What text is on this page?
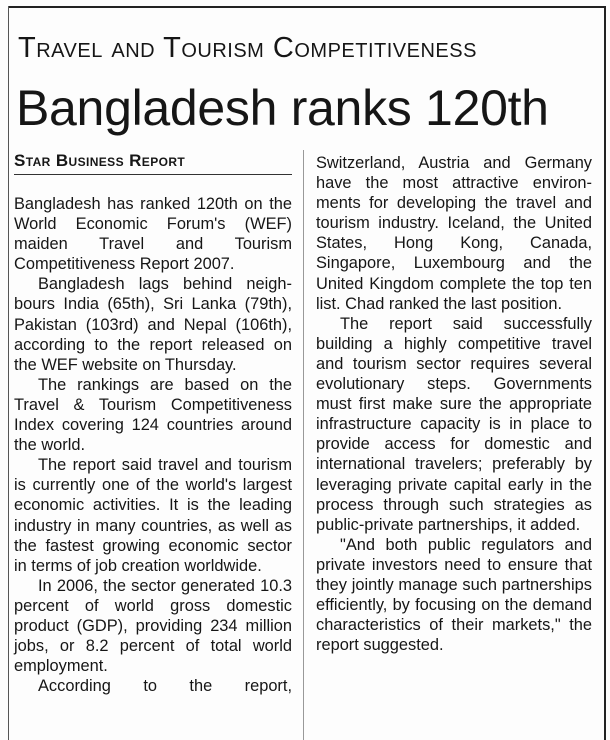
Travel and Tourism Competitiveness
Bangladesh ranks 120th
Star Business Report

Bangladesh has ranked 120th on the World Economic Forum's (WEF) maiden Travel and Tourism Competitiveness Report 2007.

Bangladesh lags behind neighbours India (65th), Sri Lanka (79th), Pakistan (103rd) and Nepal (106th), according to the report released on the WEF website on Thursday.

The rankings are based on the Travel & Tourism Competitiveness Index covering 124 countries around the world.

The report said travel and tourism is currently one of the world's largest economic activities. It is the leading industry in many countries, as well as the fastest growing economic sector in terms of job creation worldwide.

In 2006, the sector generated 10.3 percent of world gross domestic product (GDP), providing 234 million jobs, or 8.2 percent of total world employment.

According to the report,

Switzerland, Austria and Germany have the most attractive environments for developing the travel and tourism industry. Iceland, the United States, Hong Kong, Canada, Singapore, Luxembourg and the United Kingdom complete the top ten list. Chad ranked the last position.

The report said successfully building a highly competitive travel and tourism sector requires several evolutionary steps. Governments must first make sure the appropriate infrastructure capacity is in place to provide access for domestic and international travelers; preferably by leveraging private capital early in the process through such strategies as public-private partnerships, it added.

"And both public regulators and private investors need to ensure that they jointly manage such partnerships efficiently, by focusing on the demand characteristics of their markets," the report suggested.
